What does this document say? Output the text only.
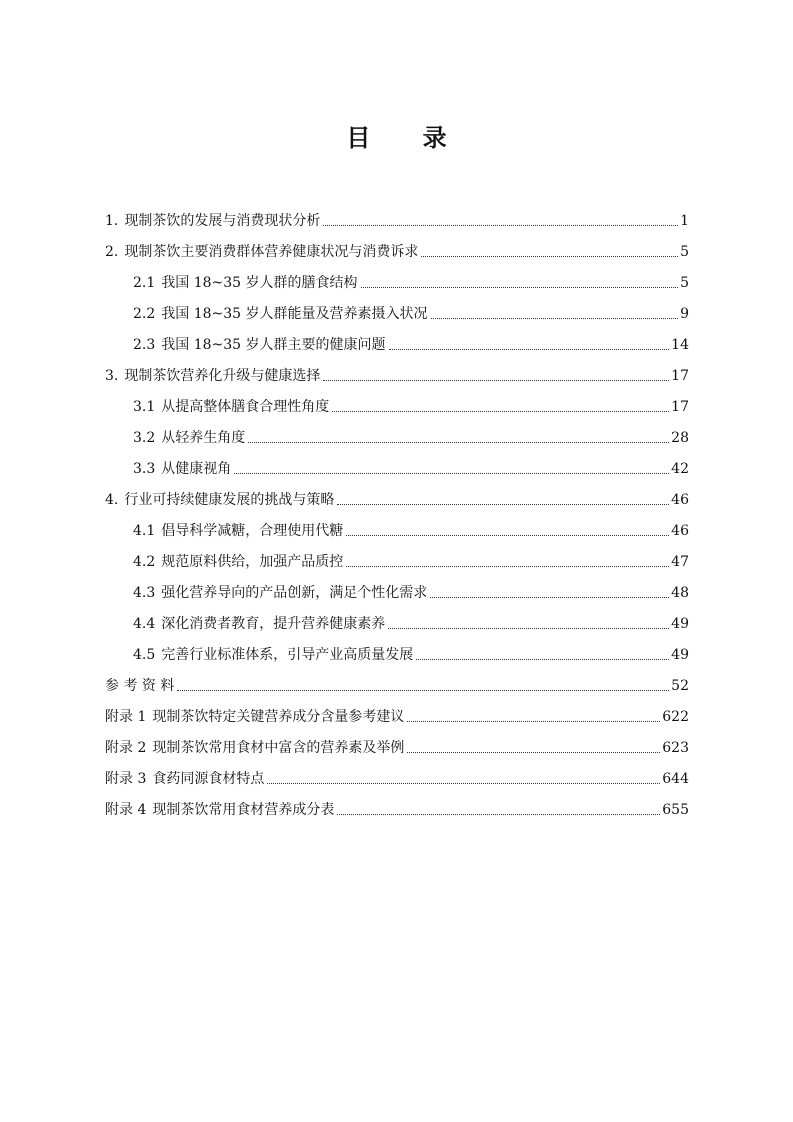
目 录
1. 现制茶饮的发展与消费现状分析	1
2. 现制茶饮主要消费群体营养健康状况与消费诉求	5
2.1 我国 18~35 岁人群的膳食结构	5
2.2 我国 18~35 岁人群能量及营养素摄入状况	9
2.3 我国 18~35 岁人群主要的健康问题	14
3. 现制茶饮营养化升级与健康选择	17
3.1 从提高整体膳食合理性角度	17
3.2 从轻养生角度	28
3.3 从健康视角	42
4. 行业可持续健康发展的挑战与策略	46
4.1 倡导科学减糖，合理使用代糖	46
4.2 规范原料供给，加强产品质控	47
4.3 强化营养导向的产品创新，满足个性化需求	48
4.4 深化消费者教育，提升营养健康素养	49
4.5 完善行业标准体系，引导产业高质量发展	49
参 考 资 料	52
附录 1 现制茶饮特定关键营养成分含量参考建议	622
附录 2 现制茶饮常用食材中富含的营养素及举例	623
附录 3 食药同源食材特点	644
附录 4 现制茶饮常用食材营养成分表	655
